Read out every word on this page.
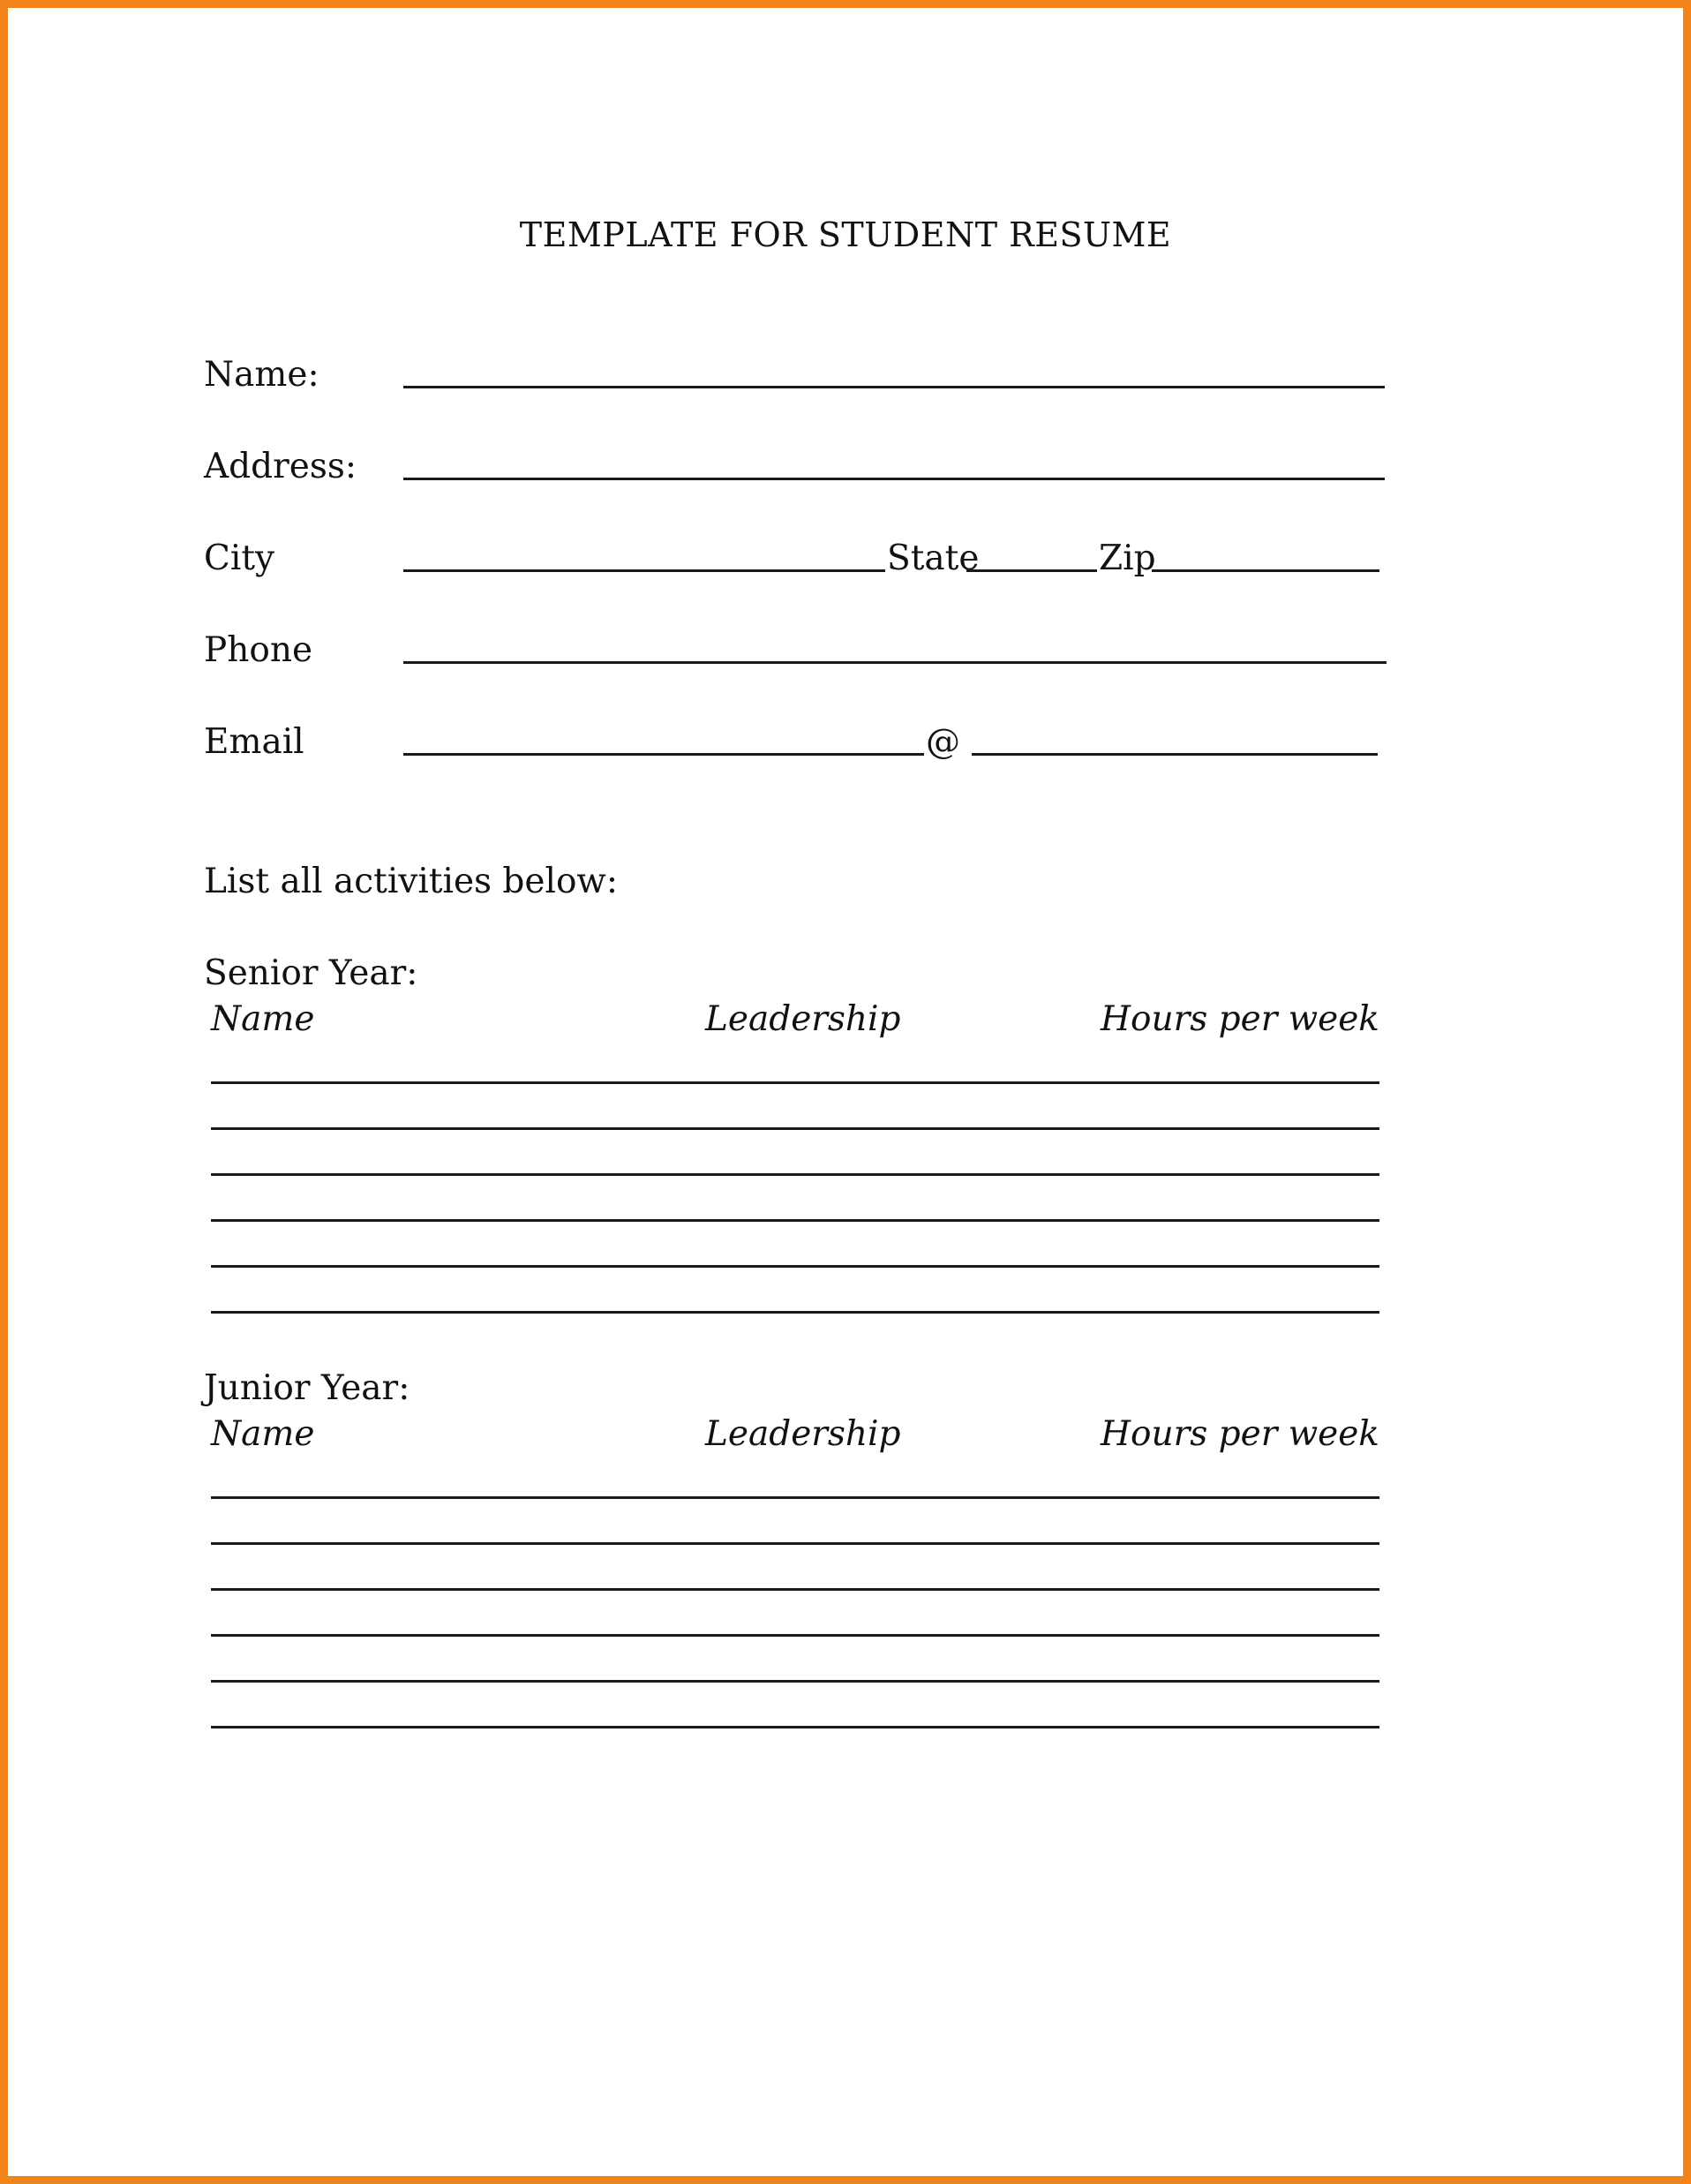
TEMPLATE FOR STUDENT RESUME
Name:
Address:
City	State	Zip
Phone
Email	@
List all activities below:
Senior Year:
Name	Leadership	Hours per week
Junior Year:
Name	Leadership	Hours per week
